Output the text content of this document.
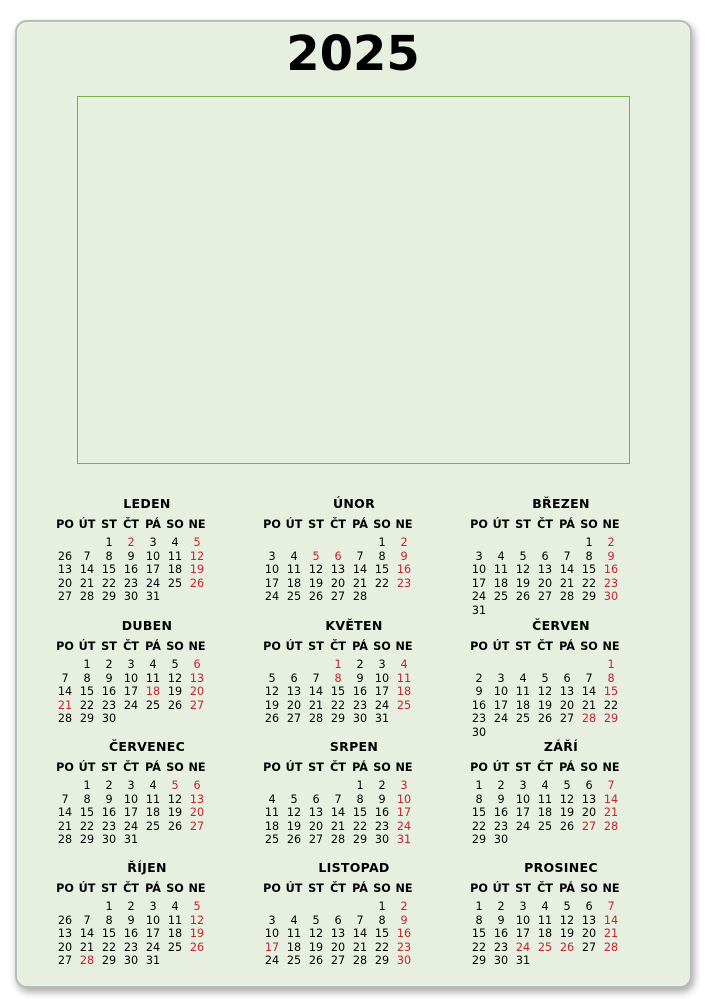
2025
LEDEN
PO	ÚT	ST	ČT	PÁ	SO	NE
		1	2	3	4	5
26	7	8	9	10	11	12
13	14	15	16	17	18	19
20	21	22	23	24	25	26
27	28	29	30	31		
ÚNOR
PO	ÚT	ST	ČT	PÁ	SO	NE
					1	2
3	4	5	6	7	8	9
10	11	12	13	14	15	16
17	18	19	20	21	22	23
24	25	26	27	28		
BŘEZEN
PO	ÚT	ST	ČT	PÁ	SO	NE
					1	2
3	4	5	6	7	8	9
10	11	12	13	14	15	16
17	18	19	20	21	22	23
24	25	26	27	28	29	30
31						
DUBEN
PO	ÚT	ST	ČT	PÁ	SO	NE
	1	2	3	4	5	6
7	8	9	10	11	12	13
14	15	16	17	18	19	20
21	22	23	24	25	26	27
28	29	30				
KVĚTEN
PO	ÚT	ST	ČT	PÁ	SO	NE
			1	2	3	4
5	6	7	8	9	10	11
12	13	14	15	16	17	18
19	20	21	22	23	24	25
26	27	28	29	30	31	
ČERVEN
PO	ÚT	ST	ČT	PÁ	SO	NE
						1
2	3	4	5	6	7	8
9	10	11	12	13	14	15
16	17	18	19	20	21	22
23	24	25	26	27	28	29
30						
ČERVENEC
PO	ÚT	ST	ČT	PÁ	SO	NE
	1	2	3	4	5	6
7	8	9	10	11	12	13
14	15	16	17	18	19	20
21	22	23	24	25	26	27
28	29	30	31			
SRPEN
PO	ÚT	ST	ČT	PÁ	SO	NE
				1	2	3
4	5	6	7	8	9	10
11	12	13	14	15	16	17
18	19	20	21	22	23	24
25	26	27	28	29	30	31
ZÁŘÍ
PO	ÚT	ST	ČT	PÁ	SO	NE
1	2	3	4	5	6	7
8	9	10	11	12	13	14
15	16	17	18	19	20	21
22	23	24	25	26	27	28
29	30					
ŘÍJEN
PO	ÚT	ST	ČT	PÁ	SO	NE
		1	2	3	4	5
26	7	8	9	10	11	12
13	14	15	16	17	18	19
20	21	22	23	24	25	26
27	28	29	30	31		
LISTOPAD
PO	ÚT	ST	ČT	PÁ	SO	NE
					1	2
3	4	5	6	7	8	9
10	11	12	13	14	15	16
17	18	19	20	21	22	23
24	25	26	27	28	29	30
PROSINEC
PO	ÚT	ST	ČT	PÁ	SO	NE
1	2	3	4	5	6	7
8	9	10	11	12	13	14
15	16	17	18	19	20	21
22	23	24	25	26	27	28
29	30	31				
